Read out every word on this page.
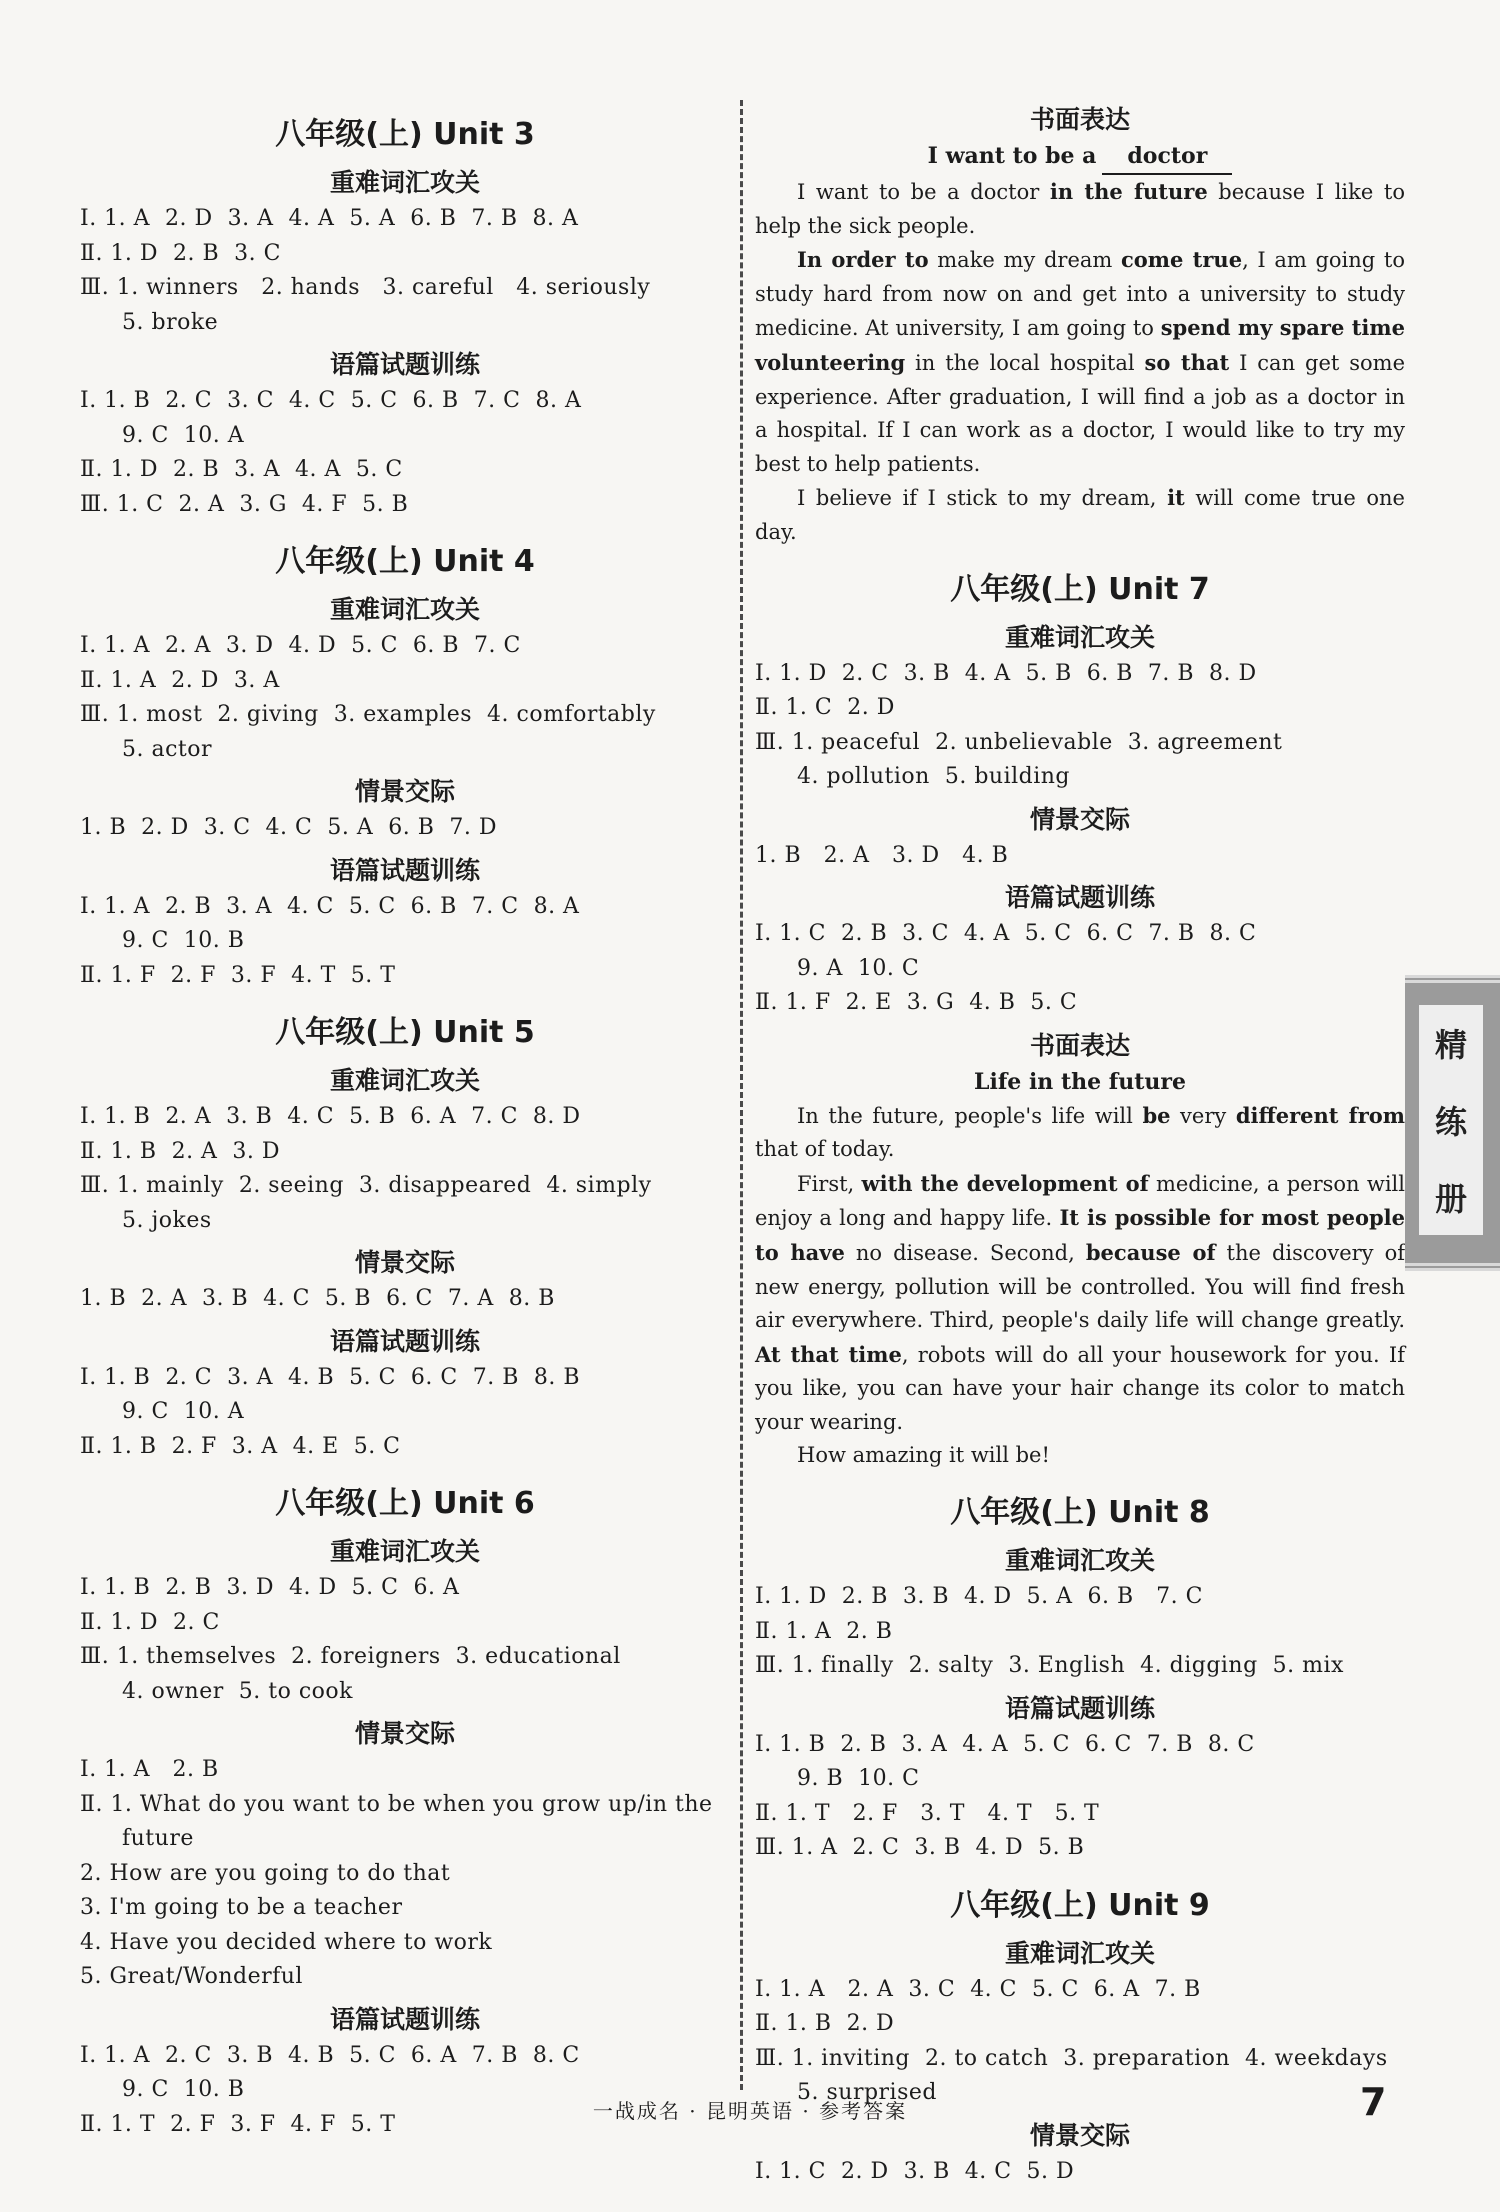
八年级(上) Unit 3
重难词汇攻关
Ⅰ. 1. A  2. D  3. A  4. A  5. A  6. B  7. B  8. A
Ⅱ. 1. D  2. B  3. C
Ⅲ. 1. winners   2. hands   3. careful   4. seriously
5. broke
语篇试题训练
Ⅰ. 1. B  2. C  3. C  4. C  5. C  6. B  7. C  8. A
9. C  10. A
Ⅱ. 1. D  2. B  3. A  4. A  5. C
Ⅲ. 1. C  2. A  3. G  4. F  5. B
八年级(上) Unit 4
重难词汇攻关
Ⅰ. 1. A  2. A  3. D  4. D  5. C  6. B  7. C
Ⅱ. 1. A  2. D  3. A
Ⅲ. 1. most  2. giving  3. examples  4. comfortably
5. actor
情景交际
1. B  2. D  3. C  4. C  5. A  6. B  7. D
语篇试题训练
Ⅰ. 1. A  2. B  3. A  4. C  5. C  6. B  7. C  8. A
9. C  10. B
Ⅱ. 1. F  2. F  3. F  4. T  5. T
八年级(上) Unit 5
重难词汇攻关
Ⅰ. 1. B  2. A  3. B  4. C  5. B  6. A  7. C  8. D
Ⅱ. 1. B  2. A  3. D
Ⅲ. 1. mainly  2. seeing  3. disappeared  4. simply
5. jokes
情景交际
1. B  2. A  3. B  4. C  5. B  6. C  7. A  8. B
语篇试题训练
Ⅰ. 1. B  2. C  3. A  4. B  5. C  6. C  7. B  8. B
9. C  10. A
Ⅱ. 1. B  2. F  3. A  4. E  5. C
八年级(上) Unit 6
重难词汇攻关
Ⅰ. 1. B  2. B  3. D  4. D  5. C  6. A
Ⅱ. 1. D  2. C
Ⅲ. 1. themselves  2. foreigners  3. educational
4. owner  5. to cook
情景交际
Ⅰ. 1. A   2. B
Ⅱ. 1. What do you want to be when you grow up/in the
future
2. How are you going to do that
3. I'm going to be a teacher
4. Have you decided where to work
5. Great/Wonderful
语篇试题训练
Ⅰ. 1. A  2. C  3. B  4. B  5. C  6. A  7. B  8. C
9. C  10. B
Ⅱ. 1. T  2. F  3. F  4. F  5. T
书面表达
I want to be a doctor

I want to be a doctor in the future because I like to help the sick people.

In order to make my dream come true, I am going to study hard from now on and get into a university to study medicine. At university, I am going to spend my spare time volunteering in the local hospital so that I can get some experience. After graduation, I will find a job as a doctor in a hospital. If I can work as a doctor, I would like to try my best to help patients.

I believe if I stick to my dream, it will come true one day.

八年级(上) Unit 7
重难词汇攻关
Ⅰ. 1. D  2. C  3. B  4. A  5. B  6. B  7. B  8. D
Ⅱ. 1. C  2. D
Ⅲ. 1. peaceful  2. unbelievable  3. agreement
4. pollution  5. building
情景交际
1. B   2. A   3. D   4. B
语篇试题训练
Ⅰ. 1. C  2. B  3. C  4. A  5. C  6. C  7. B  8. C
9. A  10. C
Ⅱ. 1. F  2. E  3. G  4. B  5. C
书面表达
Life in the future

In the future, people's life will be very different from that of today.

First, with the development of medicine, a person will enjoy a long and happy life. It is possible for most people to have no disease. Second, because of the discovery of new energy, pollution will be controlled. You will find fresh air everywhere. Third, people's daily life will change greatly. At that time, robots will do all your housework for you. If you like, you can have your hair change its color to match your wearing.

How amazing it will be!

八年级(上) Unit 8
重难词汇攻关
Ⅰ. 1. D  2. B  3. B  4. D  5. A  6. B   7. C
Ⅱ. 1. A  2. B
Ⅲ. 1. finally  2. salty  3. English  4. digging  5. mix
语篇试题训练
Ⅰ. 1. B  2. B  3. A  4. A  5. C  6. C  7. B  8. C
9. B  10. C
Ⅱ. 1. T   2. F   3. T   4. T   5. T
Ⅲ. 1. A  2. C  3. B  4. D  5. B
八年级(上) Unit 9
重难词汇攻关
Ⅰ. 1. A   2. A  3. C  4. C  5. C  6. A  7. B
Ⅱ. 1. B  2. D
Ⅲ. 1. inviting  2. to catch  3. preparation  4. weekdays
5. surprised
情景交际
Ⅰ. 1. C  2. D  3. B  4. C  5. D
精
练
册
一战成名 · 昆明英语 · 参考答案	7
